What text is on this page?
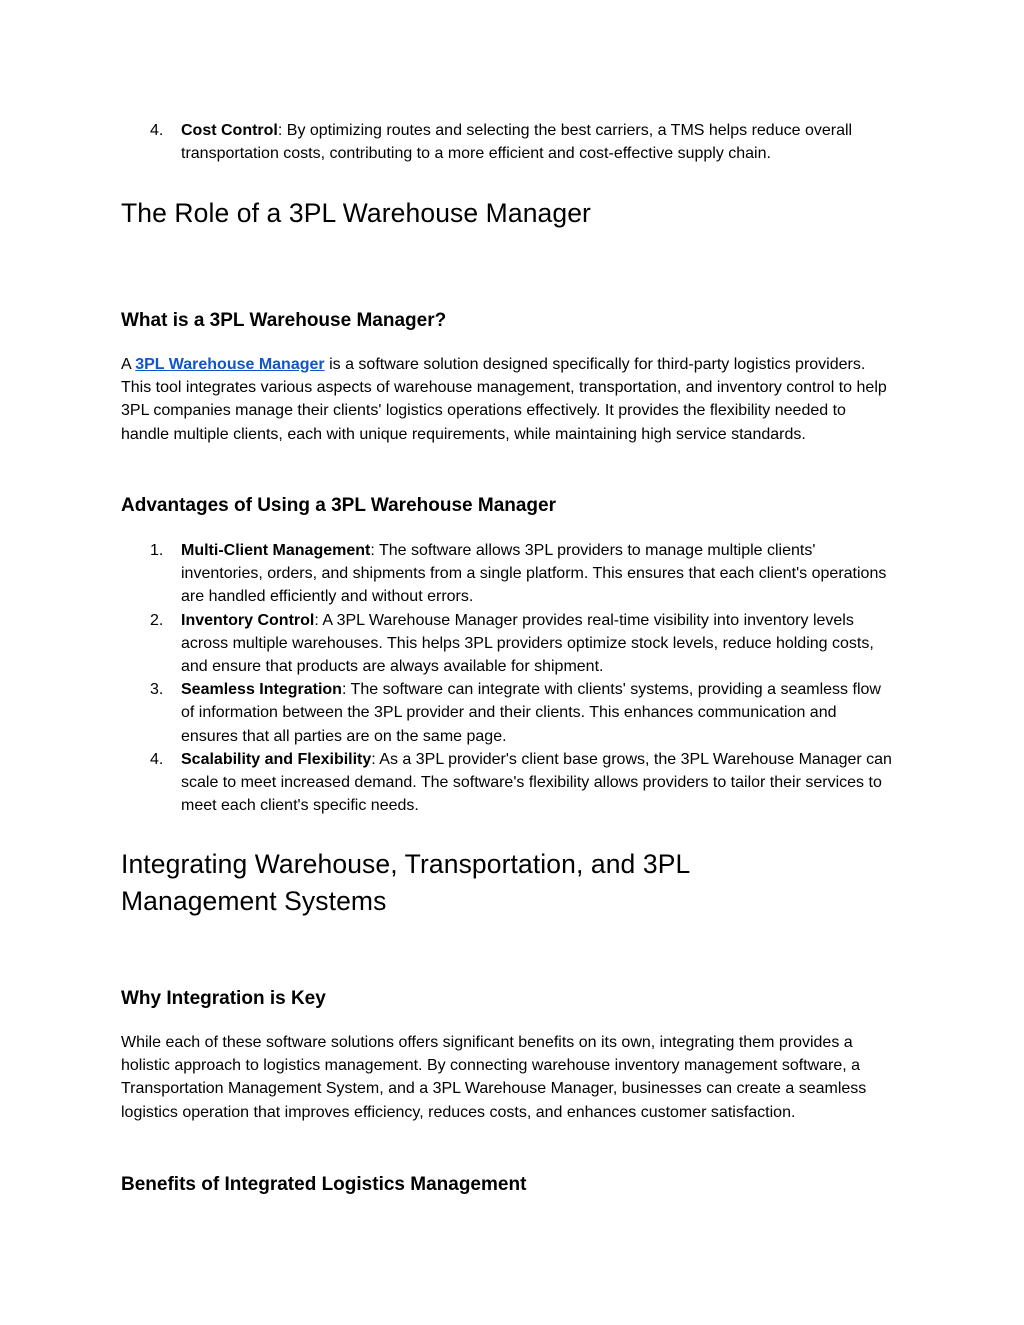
4. Cost Control: By optimizing routes and selecting the best carriers, a TMS helps reduce overall transportation costs, contributing to a more efficient and cost-effective supply chain.
The Role of a 3PL Warehouse Manager
What is a 3PL Warehouse Manager?

A 3PL Warehouse Manager is a software solution designed specifically for third-party logistics providers. This tool integrates various aspects of warehouse management, transportation, and inventory control to help 3PL companies manage their clients' logistics operations effectively. It provides the flexibility needed to handle multiple clients, each with unique requirements, while maintaining high service standards.

Advantages of Using a 3PL Warehouse Manager
1. Multi-Client Management: The software allows 3PL providers to manage multiple clients' inventories, orders, and shipments from a single platform. This ensures that each client's operations are handled efficiently and without errors.
2. Inventory Control: A 3PL Warehouse Manager provides real-time visibility into inventory levels across multiple warehouses. This helps 3PL providers optimize stock levels, reduce holding costs, and ensure that products are always available for shipment.
3. Seamless Integration: The software can integrate with clients' systems, providing a seamless flow of information between the 3PL provider and their clients. This enhances communication and ensures that all parties are on the same page.
4. Scalability and Flexibility: As a 3PL provider's client base grows, the 3PL Warehouse Manager can scale to meet increased demand. The software's flexibility allows providers to tailor their services to meet each client's specific needs.
Integrating Warehouse, Transportation, and 3PL Management Systems
Why Integration is Key

While each of these software solutions offers significant benefits on its own, integrating them provides a holistic approach to logistics management. By connecting warehouse inventory management software, a Transportation Management System, and a 3PL Warehouse Manager, businesses can create a seamless logistics operation that improves efficiency, reduces costs, and enhances customer satisfaction.

Benefits of Integrated Logistics Management
